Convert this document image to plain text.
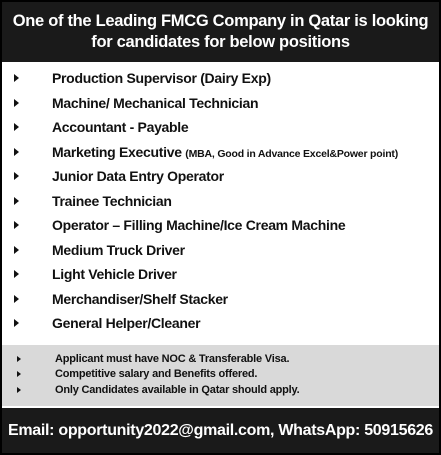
One of the Leading FMCG Company in Qatar is looking
for candidates for below positions
Production Supervisor (Dairy Exp)
Machine/ Mechanical Technician
Accountant - Payable
Marketing Executive (MBA, Good in Advance Excel&Power point)
Junior Data Entry Operator
Trainee Technician
Operator – Filling Machine/Ice Cream Machine
Medium Truck Driver
Light Vehicle Driver
Merchandiser/Shelf Stacker
General Helper/Cleaner
Applicant must have NOC & Transferable Visa.
Competitive salary and Benefits offered.
Only Candidates available in Qatar should apply.
Email: opportunity2022@gmail.com, WhatsApp: 50915626
